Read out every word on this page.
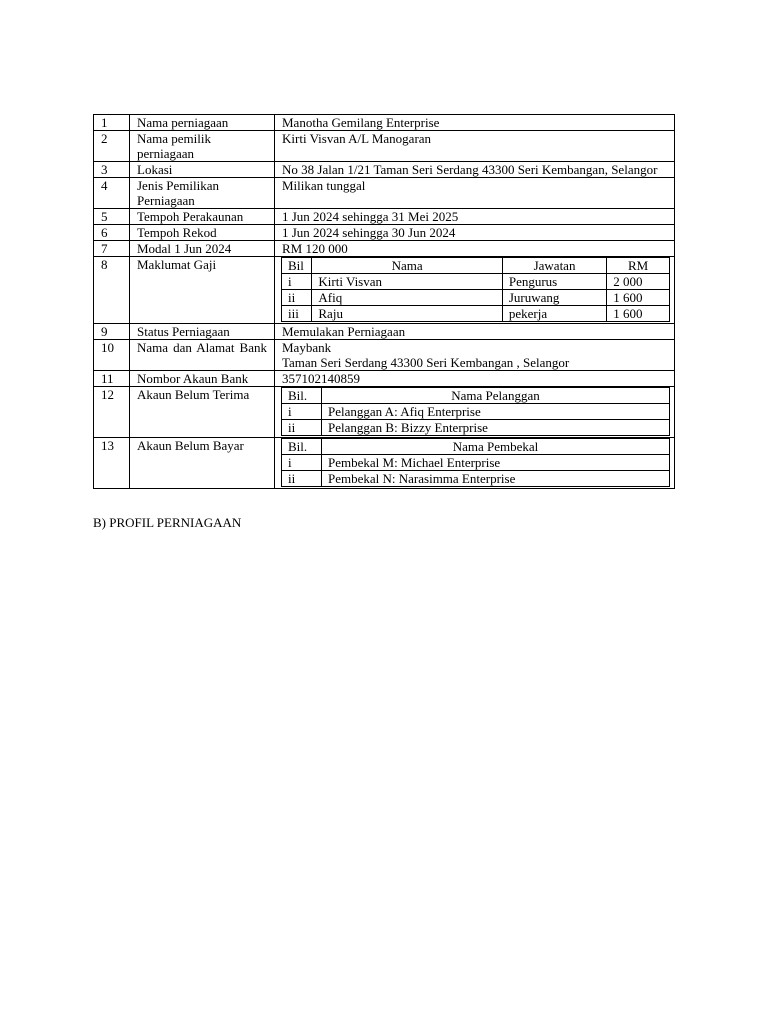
1	Nama perniagaan	Manotha Gemilang Enterprise
2	Nama pemilik perniagaan	Kirti Visvan A/L Manogaran
3	Lokasi	No 38 Jalan 1/21 Taman Seri Serdang 43300 Seri Kembangan, Selangor
4	Jenis Pemilikan Perniagaan	Milikan tunggal
5	Tempoh Perakaunan	1 Jun 2024 sehingga 31 Mei 2025
6	Tempoh Rekod	1 Jun 2024 sehingga 30 Jun 2024
7	Modal 1 Jun 2024	RM 120 000
8	Maklumat Gaji		Bil	Nama	Jawatan	RM
i	Kirti Visvan	Pengurus	2 000
ii	Afiq	Juruwang	1 600
iii	Raju	pekerja	1 600

9	Status Perniagaan	Memulakan Perniagaan
10	Nama dan Alamat Bank	Maybank
Taman Seri Serdang 43300 Seri Kembangan , Selangor

11	Nombor Akaun Bank	357102140859
12	Akaun Belum Terima		Bil.	Nama Pelanggan
i	Pelanggan A: Afiq Enterprise
ii	Pelanggan B: Bizzy Enterprise

13	Akaun Belum Bayar		Bil.	Nama Pembekal
i	Pembekal M: Michael Enterprise
ii	Pembekal N: Narasimma Enterprise
B) PROFIL PERNIAGAAN
